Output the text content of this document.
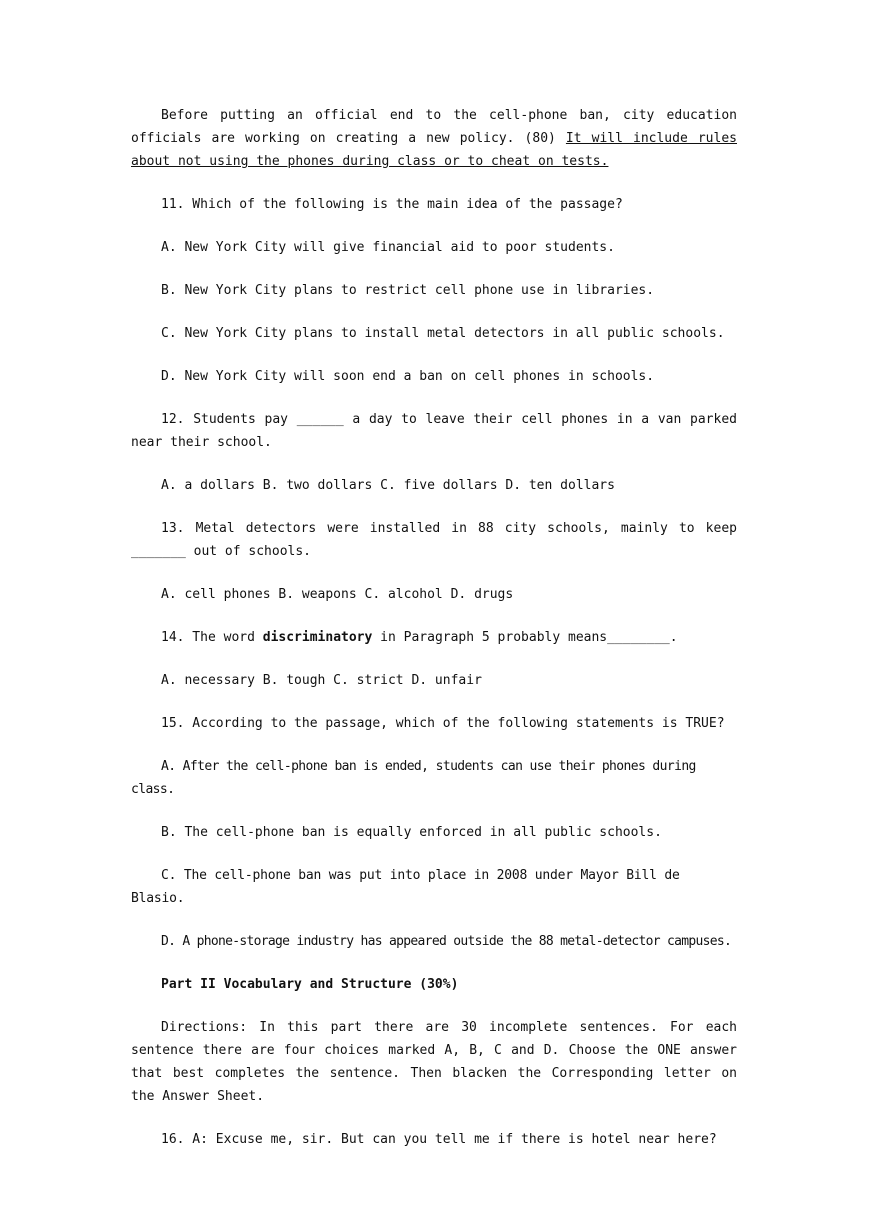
Before putting an official end to the cell-phone ban, city education officials are working on creating a new policy. (80) It will include rules about not using the phones during class or to cheat on tests.

11. Which of the following is the main idea of the passage?

A. New York City will give financial aid to poor students.

B. New York City plans to restrict cell phone use in libraries.

C. New York City plans to install metal detectors in all public schools.

D. New York City will soon end a ban on cell phones in schools.

12. Students pay ______ a day to leave their cell phones in a van parked near their school.

A. a dollars B. two dollars C. five dollars D. ten dollars

13. Metal detectors were installed in 88 city schools, mainly to keep _______ out of schools.

A. cell phones B. weapons C. alcohol D. drugs

14. The word discriminatory in Paragraph 5 probably means________.

A. necessary B. tough C. strict D. unfair

15. According to the passage, which of the following statements is TRUE?

A. After the cell-phone ban is ended, students can use their phones during class.

B. The cell-phone ban is equally enforced in all public schools.

C. The cell-phone ban was put into place in 2008 under Mayor Bill de Blasio.

D. A phone-storage industry has appeared outside the 88 metal-detector campuses.

Part II Vocabulary and Structure (30%)

Directions: In this part there are 30 incomplete sentences. For each sentence there are four choices marked A, B, C and D. Choose the ONE answer that best completes the sentence. Then blacken the Corresponding letter on the Answer Sheet.

16. A: Excuse me, sir. But can you tell me if there is hotel near here?
